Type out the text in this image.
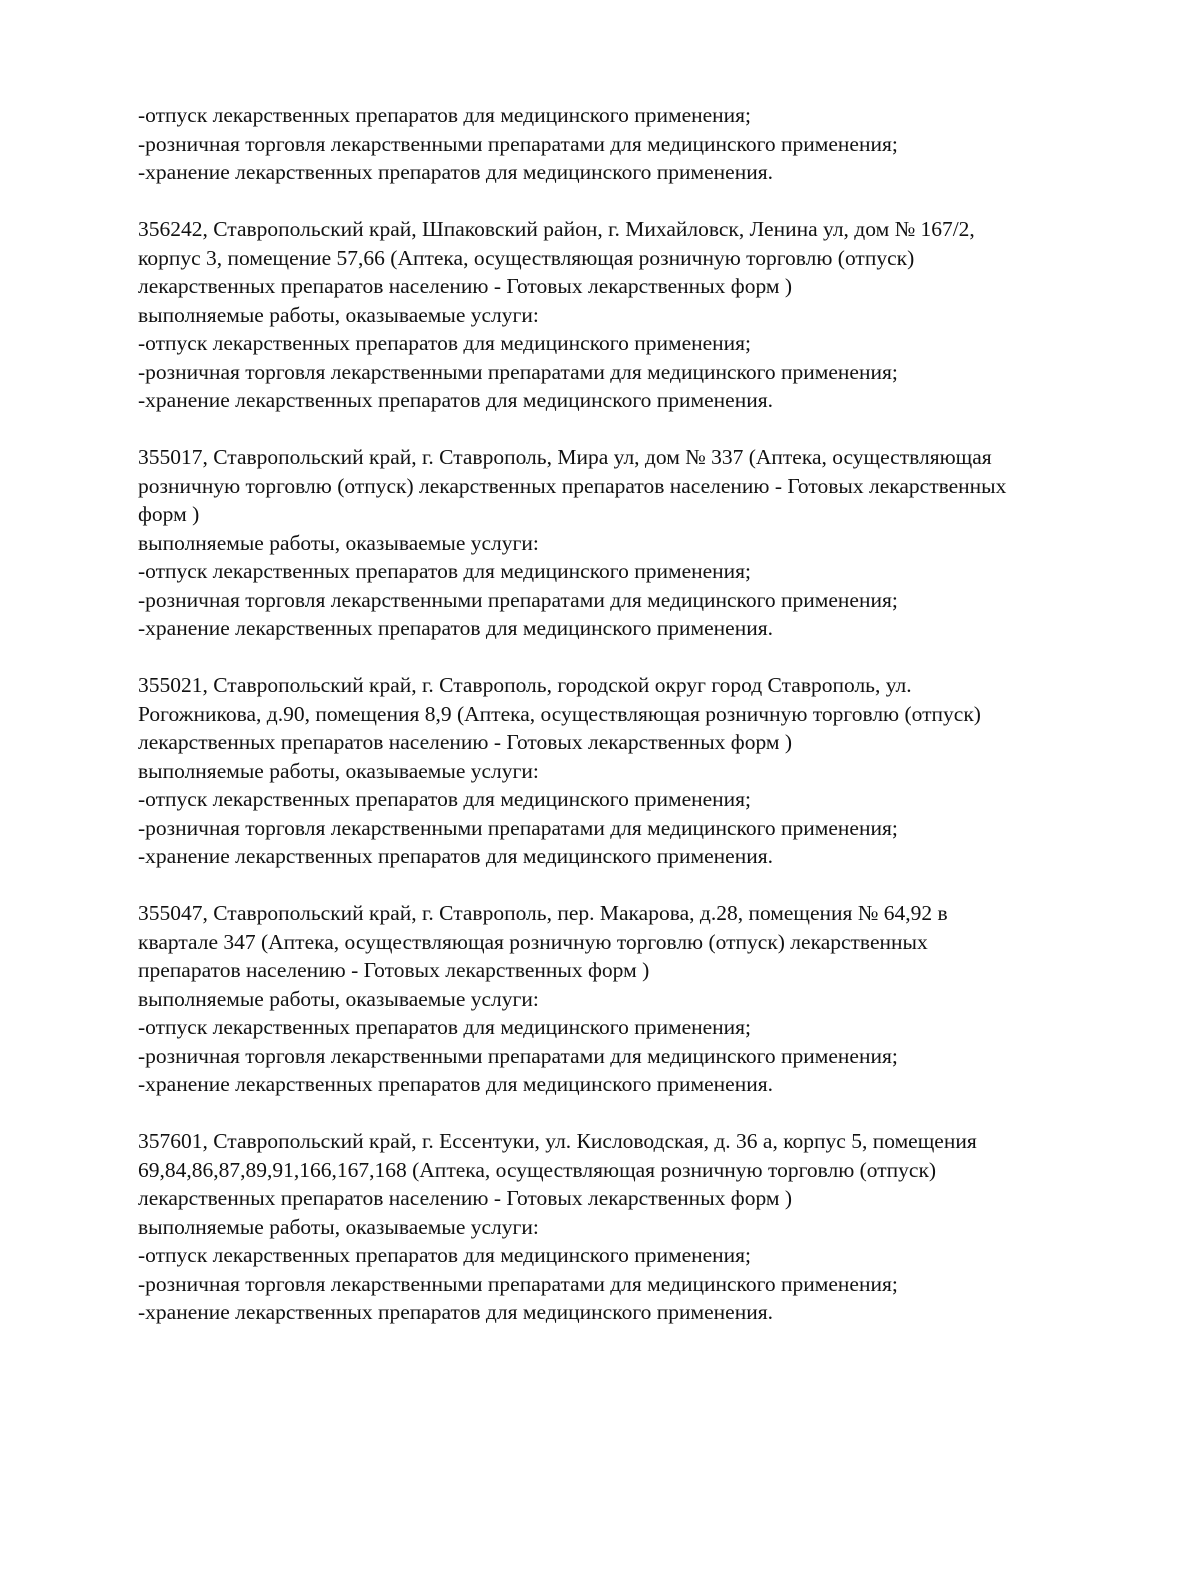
-отпуск лекарственных препаратов для медицинского применения;
-розничная торговля лекарственными препаратами для медицинского применения;
-хранение лекарственных препаратов для медицинского применения.
356242, Ставропольский край, Шпаковский район, г. Михайловск, Ленина ул, дом № 167/2,
корпус 3, помещение 57,66 (Аптека, осуществляющая розничную торговлю (отпуск)
лекарственных препаратов населению - Готовых лекарственных форм )
выполняемые работы, оказываемые услуги:
-отпуск лекарственных препаратов для медицинского применения;
-розничная торговля лекарственными препаратами для медицинского применения;
-хранение лекарственных препаратов для медицинского применения.
355017, Ставропольский край, г. Ставрополь, Мира ул, дом № 337 (Аптека, осуществляющая
розничную торговлю (отпуск) лекарственных препаратов населению - Готовых лекарственных
форм )
выполняемые работы, оказываемые услуги:
-отпуск лекарственных препаратов для медицинского применения;
-розничная торговля лекарственными препаратами для медицинского применения;
-хранение лекарственных препаратов для медицинского применения.
355021, Ставропольский край, г. Ставрополь, городской округ город Ставрополь, ул.
Рогожникова, д.90, помещения 8,9 (Аптека, осуществляющая розничную торговлю (отпуск)
лекарственных препаратов населению - Готовых лекарственных форм )
выполняемые работы, оказываемые услуги:
-отпуск лекарственных препаратов для медицинского применения;
-розничная торговля лекарственными препаратами для медицинского применения;
-хранение лекарственных препаратов для медицинского применения.
355047, Ставропольский край, г. Ставрополь, пер. Макарова, д.28, помещения № 64,92 в
квартале 347 (Аптека, осуществляющая розничную торговлю (отпуск) лекарственных
препаратов населению - Готовых лекарственных форм )
выполняемые работы, оказываемые услуги:
-отпуск лекарственных препаратов для медицинского применения;
-розничная торговля лекарственными препаратами для медицинского применения;
-хранение лекарственных препаратов для медицинского применения.
357601, Ставропольский край, г. Ессентуки, ул. Кисловодская, д. 36 а, корпус 5, помещения
69,84,86,87,89,91,166,167,168 (Аптека, осуществляющая розничную торговлю (отпуск)
лекарственных препаратов населению - Готовых лекарственных форм )
выполняемые работы, оказываемые услуги:
-отпуск лекарственных препаратов для медицинского применения;
-розничная торговля лекарственными препаратами для медицинского применения;
-хранение лекарственных препаратов для медицинского применения.
